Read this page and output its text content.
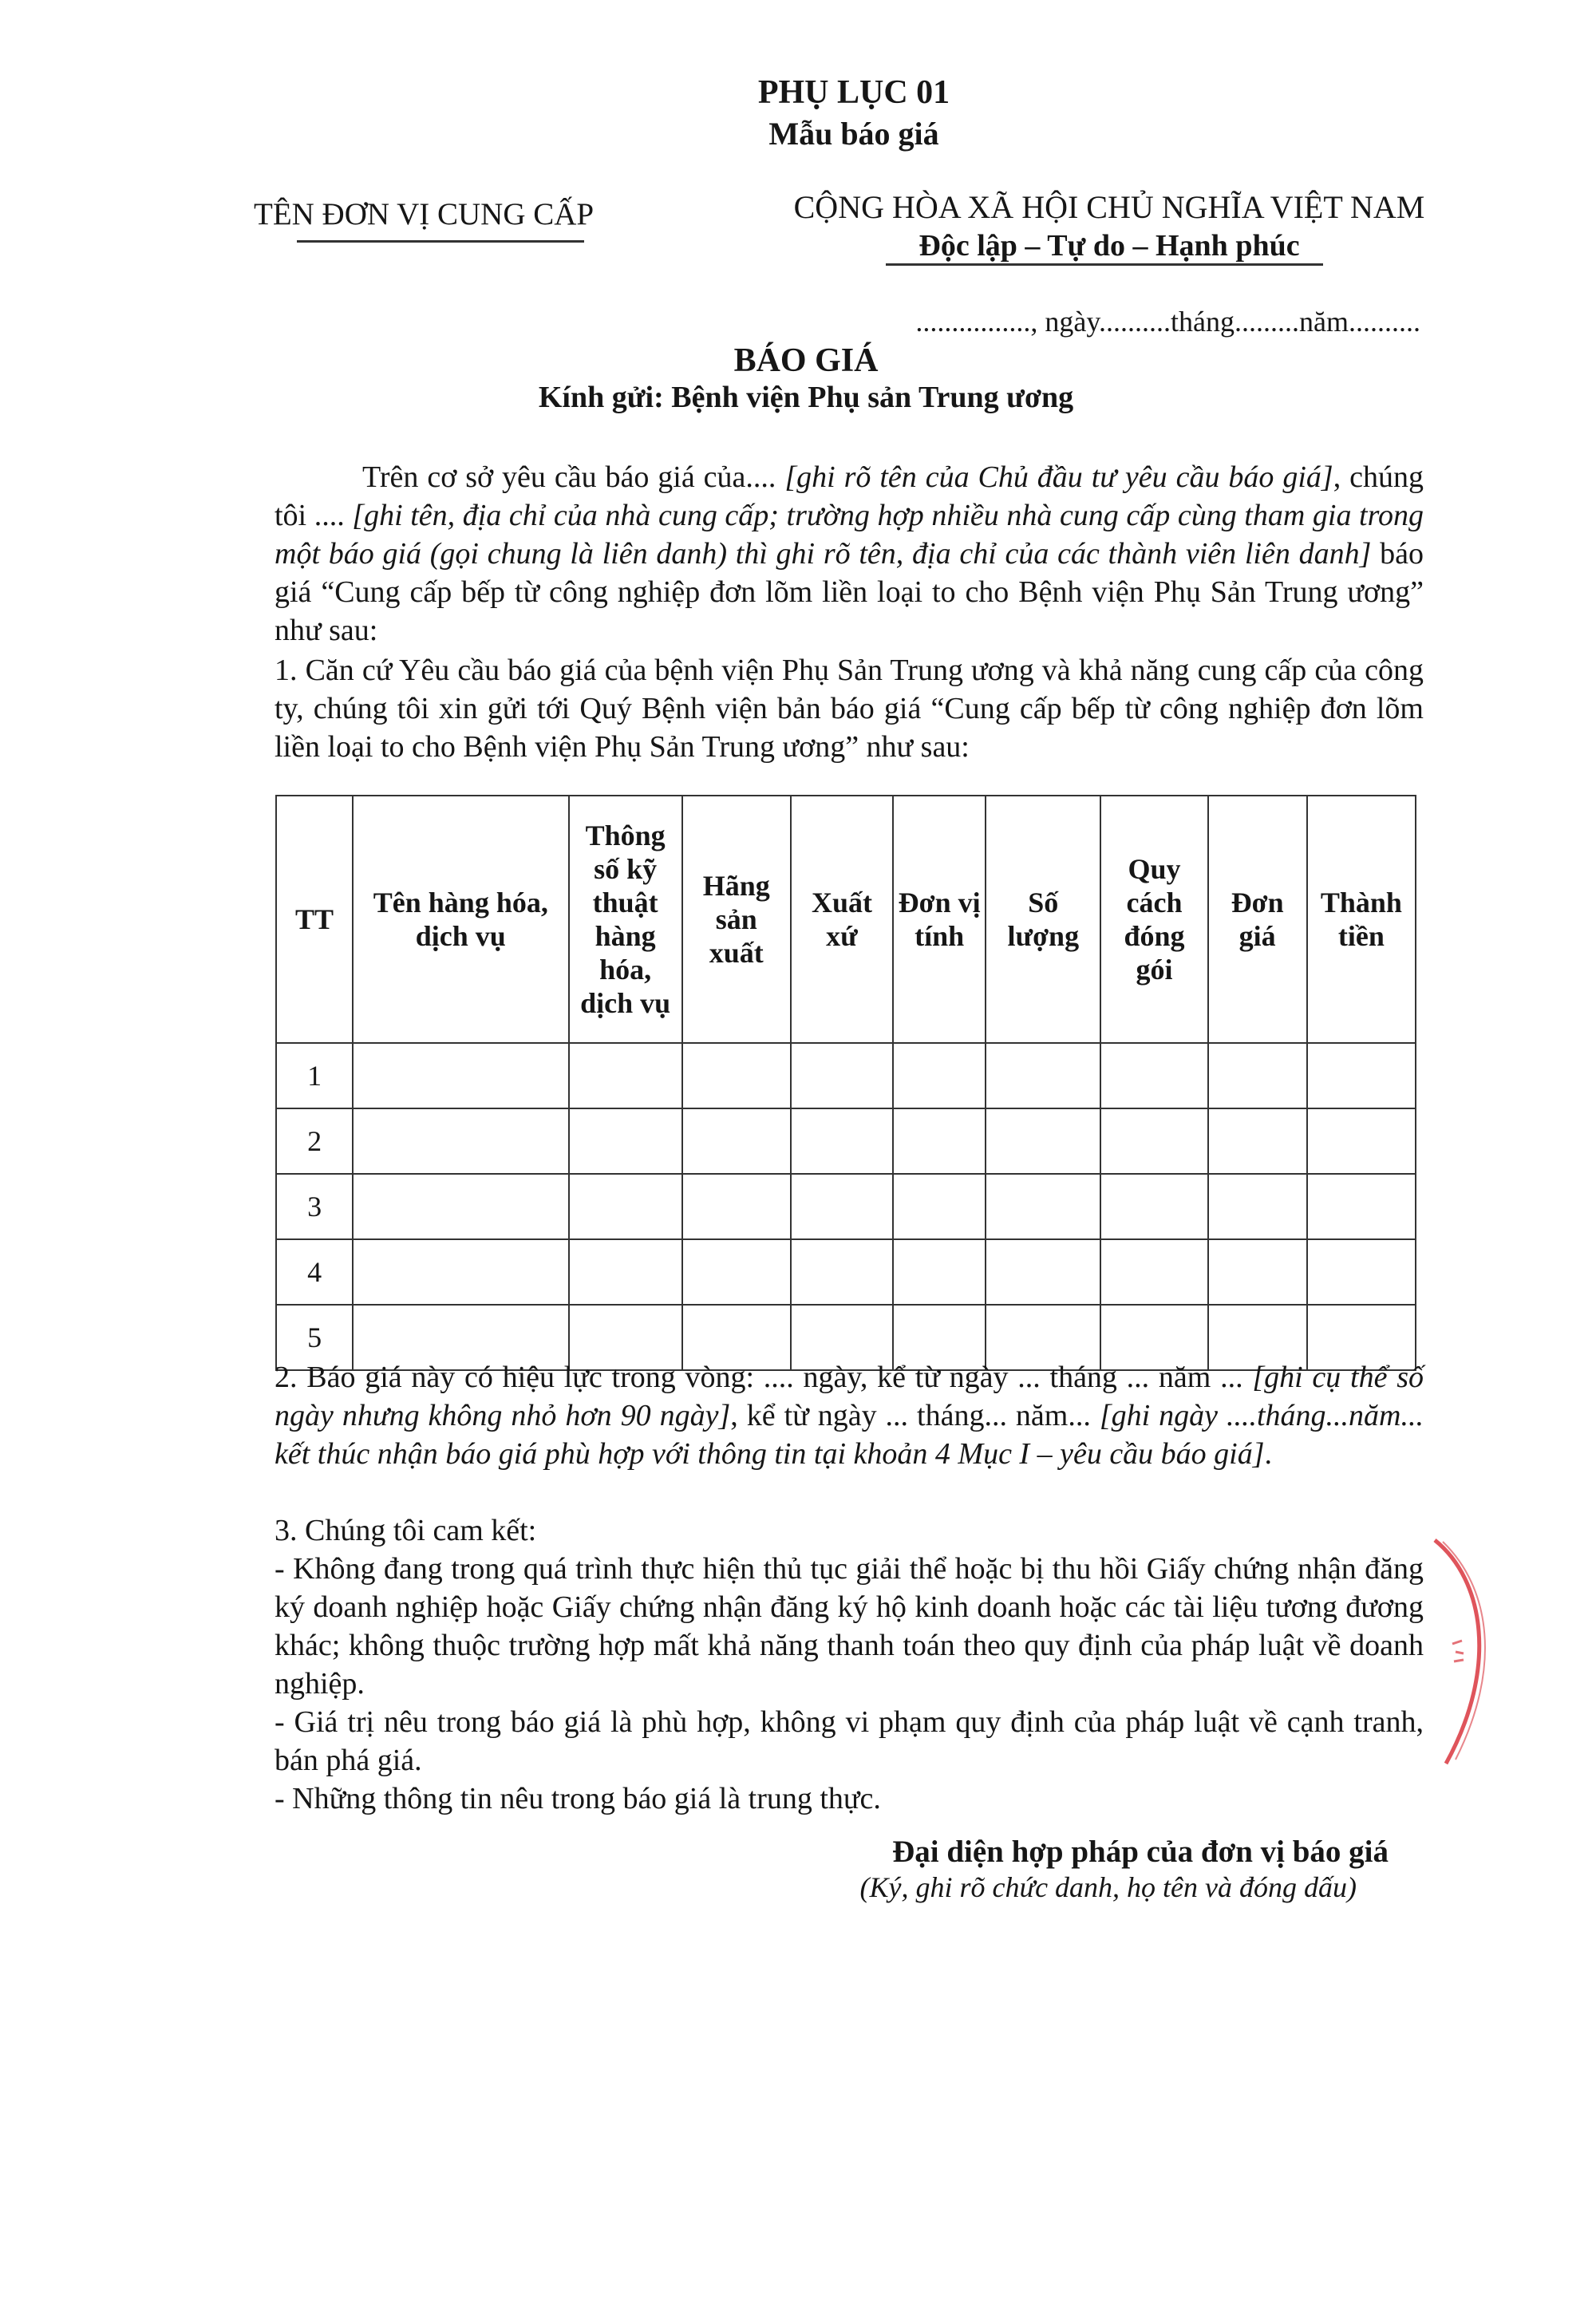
PHỤ LỤC 01
Mẫu báo giá
TÊN ĐƠN VỊ CUNG CẤP	CỘNG HÒA XÃ HỘI CHỦ NGHĨA VIỆT NAM
Độc lập – Tự do – Hạnh phúc
................, ngày..........tháng.........năm..........
BÁO GIÁ
Kính gửi: Bệnh viện Phụ sản Trung ương
Trên cơ sở yêu cầu báo giá của.... [ghi rõ tên của Chủ đầu tư yêu cầu báo giá], chúng tôi .... [ghi tên, địa chỉ của nhà cung cấp; trường hợp nhiều nhà cung cấp cùng tham gia trong một báo giá (gọi chung là liên danh) thì ghi rõ tên, địa chỉ của các thành viên liên danh] báo giá “Cung cấp bếp từ công nghiệp đơn lõm liền loại to cho Bệnh viện Phụ Sản Trung ương” như sau:
1. Căn cứ Yêu cầu báo giá của bệnh viện Phụ Sản Trung ương và khả năng cung cấp của công ty, chúng tôi xin gửi tới Quý Bệnh viện bản báo giá “Cung cấp bếp từ công nghiệp đơn lõm liền loại to cho Bệnh viện Phụ Sản Trung ương” như sau:
TT	Tên hàng hóa, dịch vụ	Thông số kỹ thuật hàng hóa, dịch vụ	Hãng sản xuất	Xuất xứ	Đơn vị tính	Số lượng	Quy cách đóng gói	Đơn giá	Thành tiền
1									
2									
3									
4									
5									
2. Báo giá này có hiệu lực trong vòng: .... ngày, kể từ ngày ... tháng ... năm ... [ghi cụ thể số ngày nhưng không nhỏ hơn 90 ngày], kể từ ngày ... tháng... năm... [ghi ngày ....tháng...năm... kết thúc nhận báo giá phù hợp với thông tin tại khoản 4 Mục I – yêu cầu báo giá].
3. Chúng tôi cam kết:
- Không đang trong quá trình thực hiện thủ tục giải thể hoặc bị thu hồi Giấy chứng nhận đăng ký doanh nghiệp hoặc Giấy chứng nhận đăng ký hộ kinh doanh hoặc các tài liệu tương đương khác; không thuộc trường hợp mất khả năng thanh toán theo quy định của pháp luật về doanh nghiệp.
- Giá trị nêu trong báo giá là phù hợp, không vi phạm quy định của pháp luật về cạnh tranh, bán phá giá.
- Những thông tin nêu trong báo giá là trung thực.
Đại diện hợp pháp của đơn vị báo giá
(Ký, ghi rõ chức danh, họ tên và đóng dấu)
